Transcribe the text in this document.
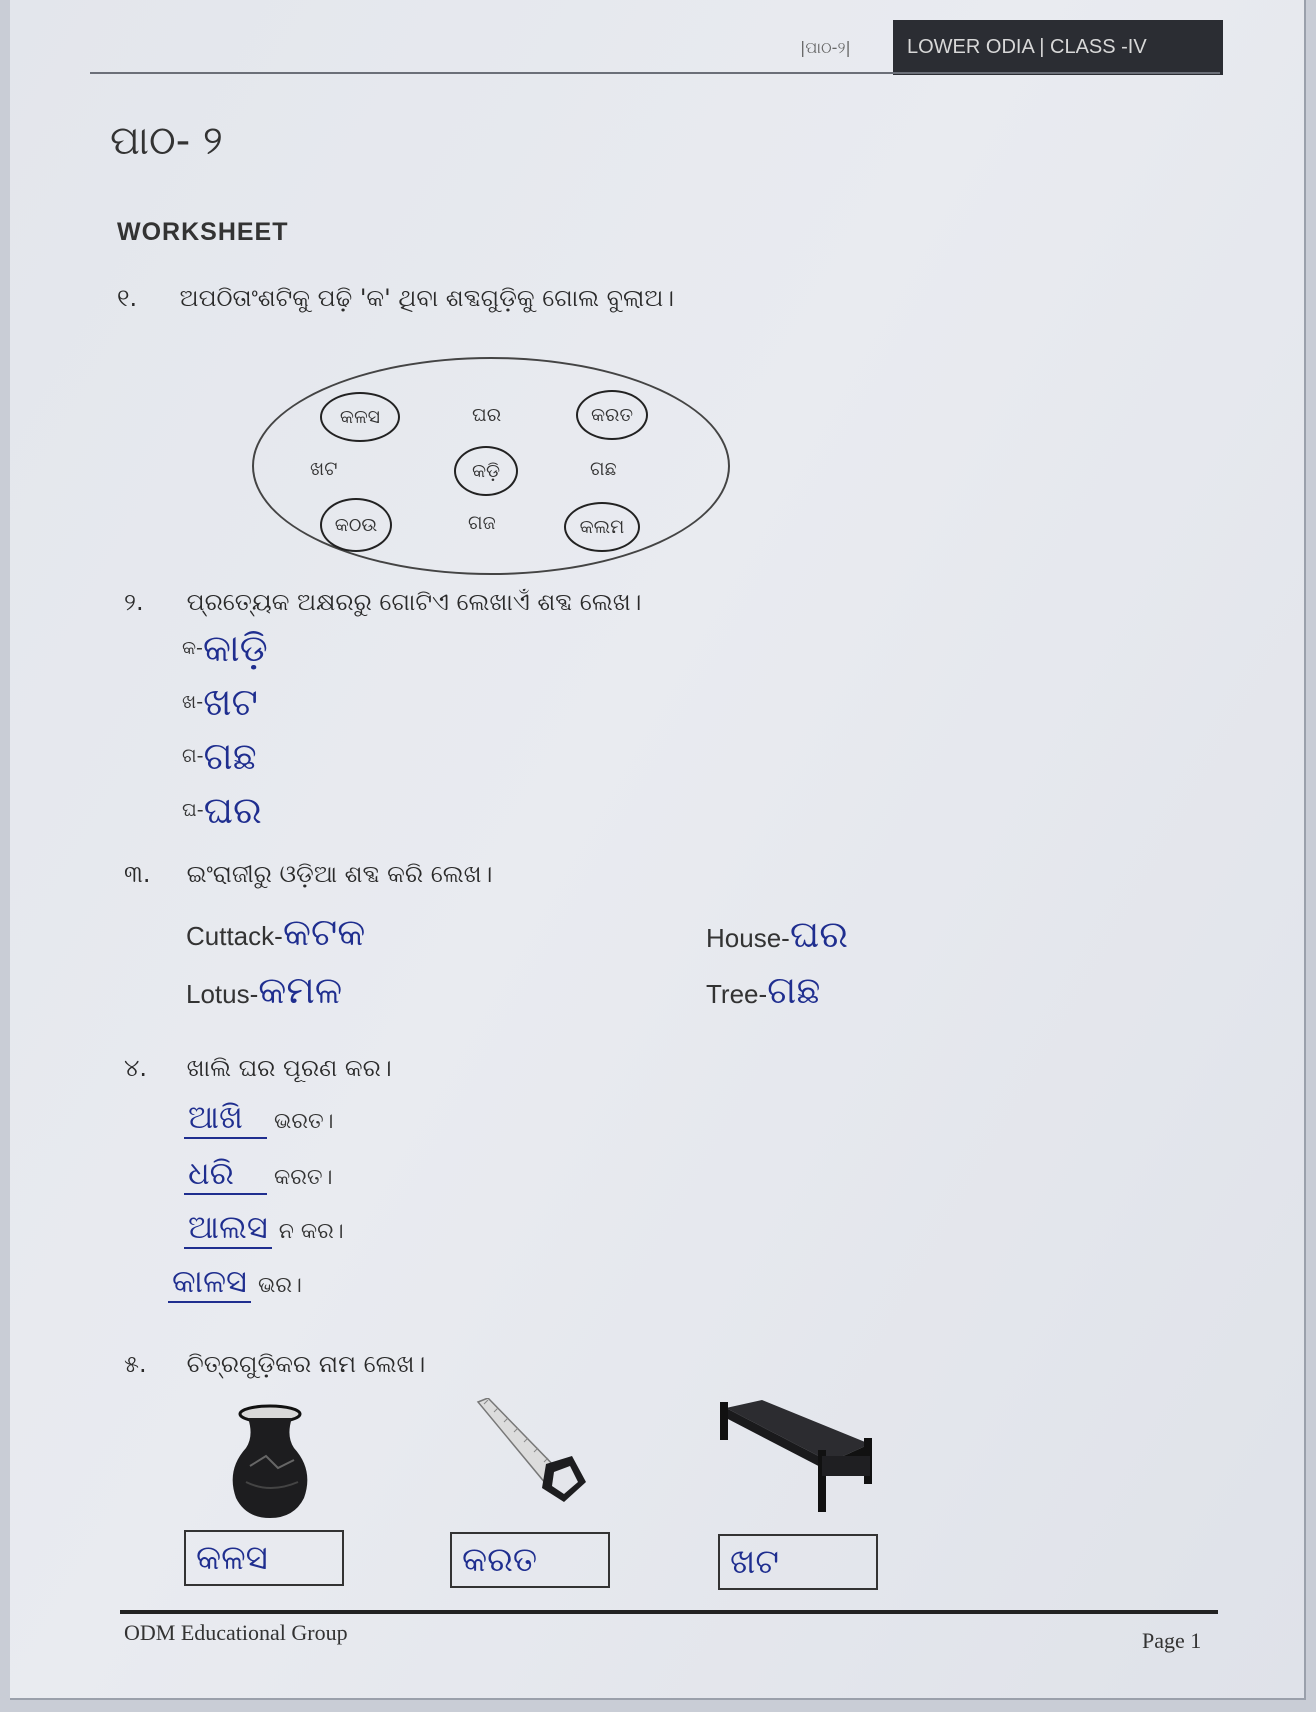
|ପାଠ-୨|	LOWER ODIA | CLASS -IV
ପାଠ- ୨
WORKSHEET
୧. ଅପଠିତାଂଶଟିକୁ ପଢ଼ି 'କ' ଥିବା ଶବ୍ଦଗୁଡ଼ିକୁ ଗୋଲ ବୁଲାଅ।
କଳସ	ଘର	କରତ
ଖଟ	କଡ଼ି	ଗଛ
କଠଉ	ଗଜ	କଲମ
୨. ପ୍ରତ୍ୟେକ ଅକ୍ଷରରୁ ଗୋଟିଏ ଲେଖାଏଁ ଶବ୍ଦ ଲେଖ।
କ-କାଡ଼ି
ଖ-ଖଟ
ଗ-ଗଛ
ଘ-ଘର
୩. ଇଂରାଜୀରୁ ଓଡ଼ିଆ ଶବ୍ଦ କରି ଲେଖ।
Cuttack-କଟକ	House-ଘର
Lotus-କମଳ	Tree-ଗଛ
୪. ଖାଲି ଘର ପୂରଣ କର।
ଆଖି ଭରତ।
ଧରି କରତ।
ଆଲସ ନ କର।
କାଳସ ଭର।
୫. ଚିତ୍ରଗୁଡ଼ିକର ନାମ ଲେଖ।
କଳସ	କରତ	ଖଟ
ODM Educational Group	Page 1
